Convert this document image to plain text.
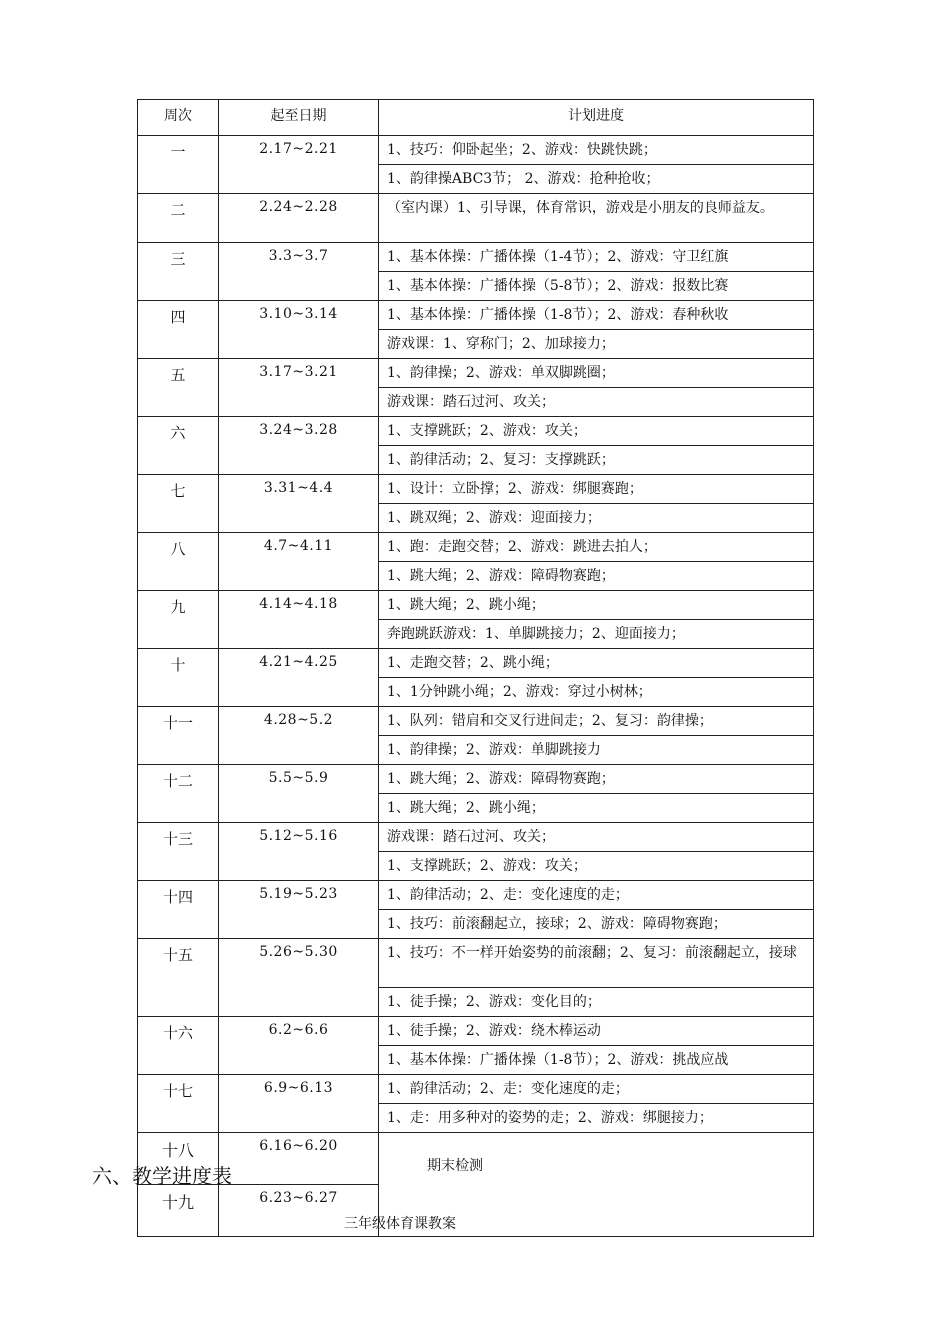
周次	起至日期	计划进度
一	2.17~2.21	1、技巧：仰卧起坐；2、游戏：快跳快跳；
		1、韵律操ABC3节； 2、游戏：抢种抢收；
二	2.24~2.28	（室内课）1、引导课，体育常识，游戏是小朋友的良师益友。
三	3.3~3.7	1、基本体操：广播体操（1-4节）；2、游戏：守卫红旗
		1、基本体操：广播体操（5-8节）；2、游戏：报数比赛
四	3.10~3.14	1、基本体操：广播体操（1-8节）；2、游戏：春种秋收
		游戏课：1、穿称门；2、加球接力；
五	3.17~3.21	1、韵律操；2、游戏：单双脚跳圈；
		游戏课：踏石过河、攻关；
六	3.24~3.28	1、支撑跳跃；2、游戏：攻关；
		1、韵律活动；2、复习：支撑跳跃；
七	3.31~4.4	1、设计：立卧撑；2、游戏：绑腿赛跑；
		1、跳双绳；2、游戏：迎面接力；
八	4.7~4.11	1、跑：走跑交替；2、游戏：跳进去拍人；
		1、跳大绳；2、游戏：障碍物赛跑；
九	4.14~4.18	1、跳大绳；2、跳小绳；
		奔跑跳跃游戏：1、单脚跳接力；2、迎面接力；
十	4.21~4.25	1、走跑交替；2、跳小绳；
		1、1分钟跳小绳；2、游戏：穿过小树林；
十一	4.28~5.2	1、队列：错肩和交叉行进间走；2、复习：韵律操；
		1、韵律操；2、游戏：单脚跳接力
十二	5.5~5.9	1、跳大绳；2、游戏：障碍物赛跑；
		1、跳大绳；2、跳小绳；
十三	5.12~5.16	游戏课：踏石过河、攻关；
		1、支撑跳跃；2、游戏：攻关；
十四	5.19~5.23	1、韵律活动；2、走：变化速度的走；
		1、技巧：前滚翻起立，接球；2、游戏：障碍物赛跑；
十五	5.26~5.30	1、技巧：不一样开始姿势的前滚翻；2、复习：前滚翻起立，接球
		1、徒手操；2、游戏：变化目的；
十六	6.2~6.6	1、徒手操；2、游戏：绕木棒运动
		1、基本体操：广播体操（1-8节）；2、游戏：挑战应战
十七	6.9~6.13	1、韵律活动；2、走：变化速度的走；
		1、走：用多种对的姿势的走；2、游戏：绑腿接力；
十八	6.16~6.20	期末检测
十九	6.23~6.27	
六、教学进度表
三年级体育课教案
